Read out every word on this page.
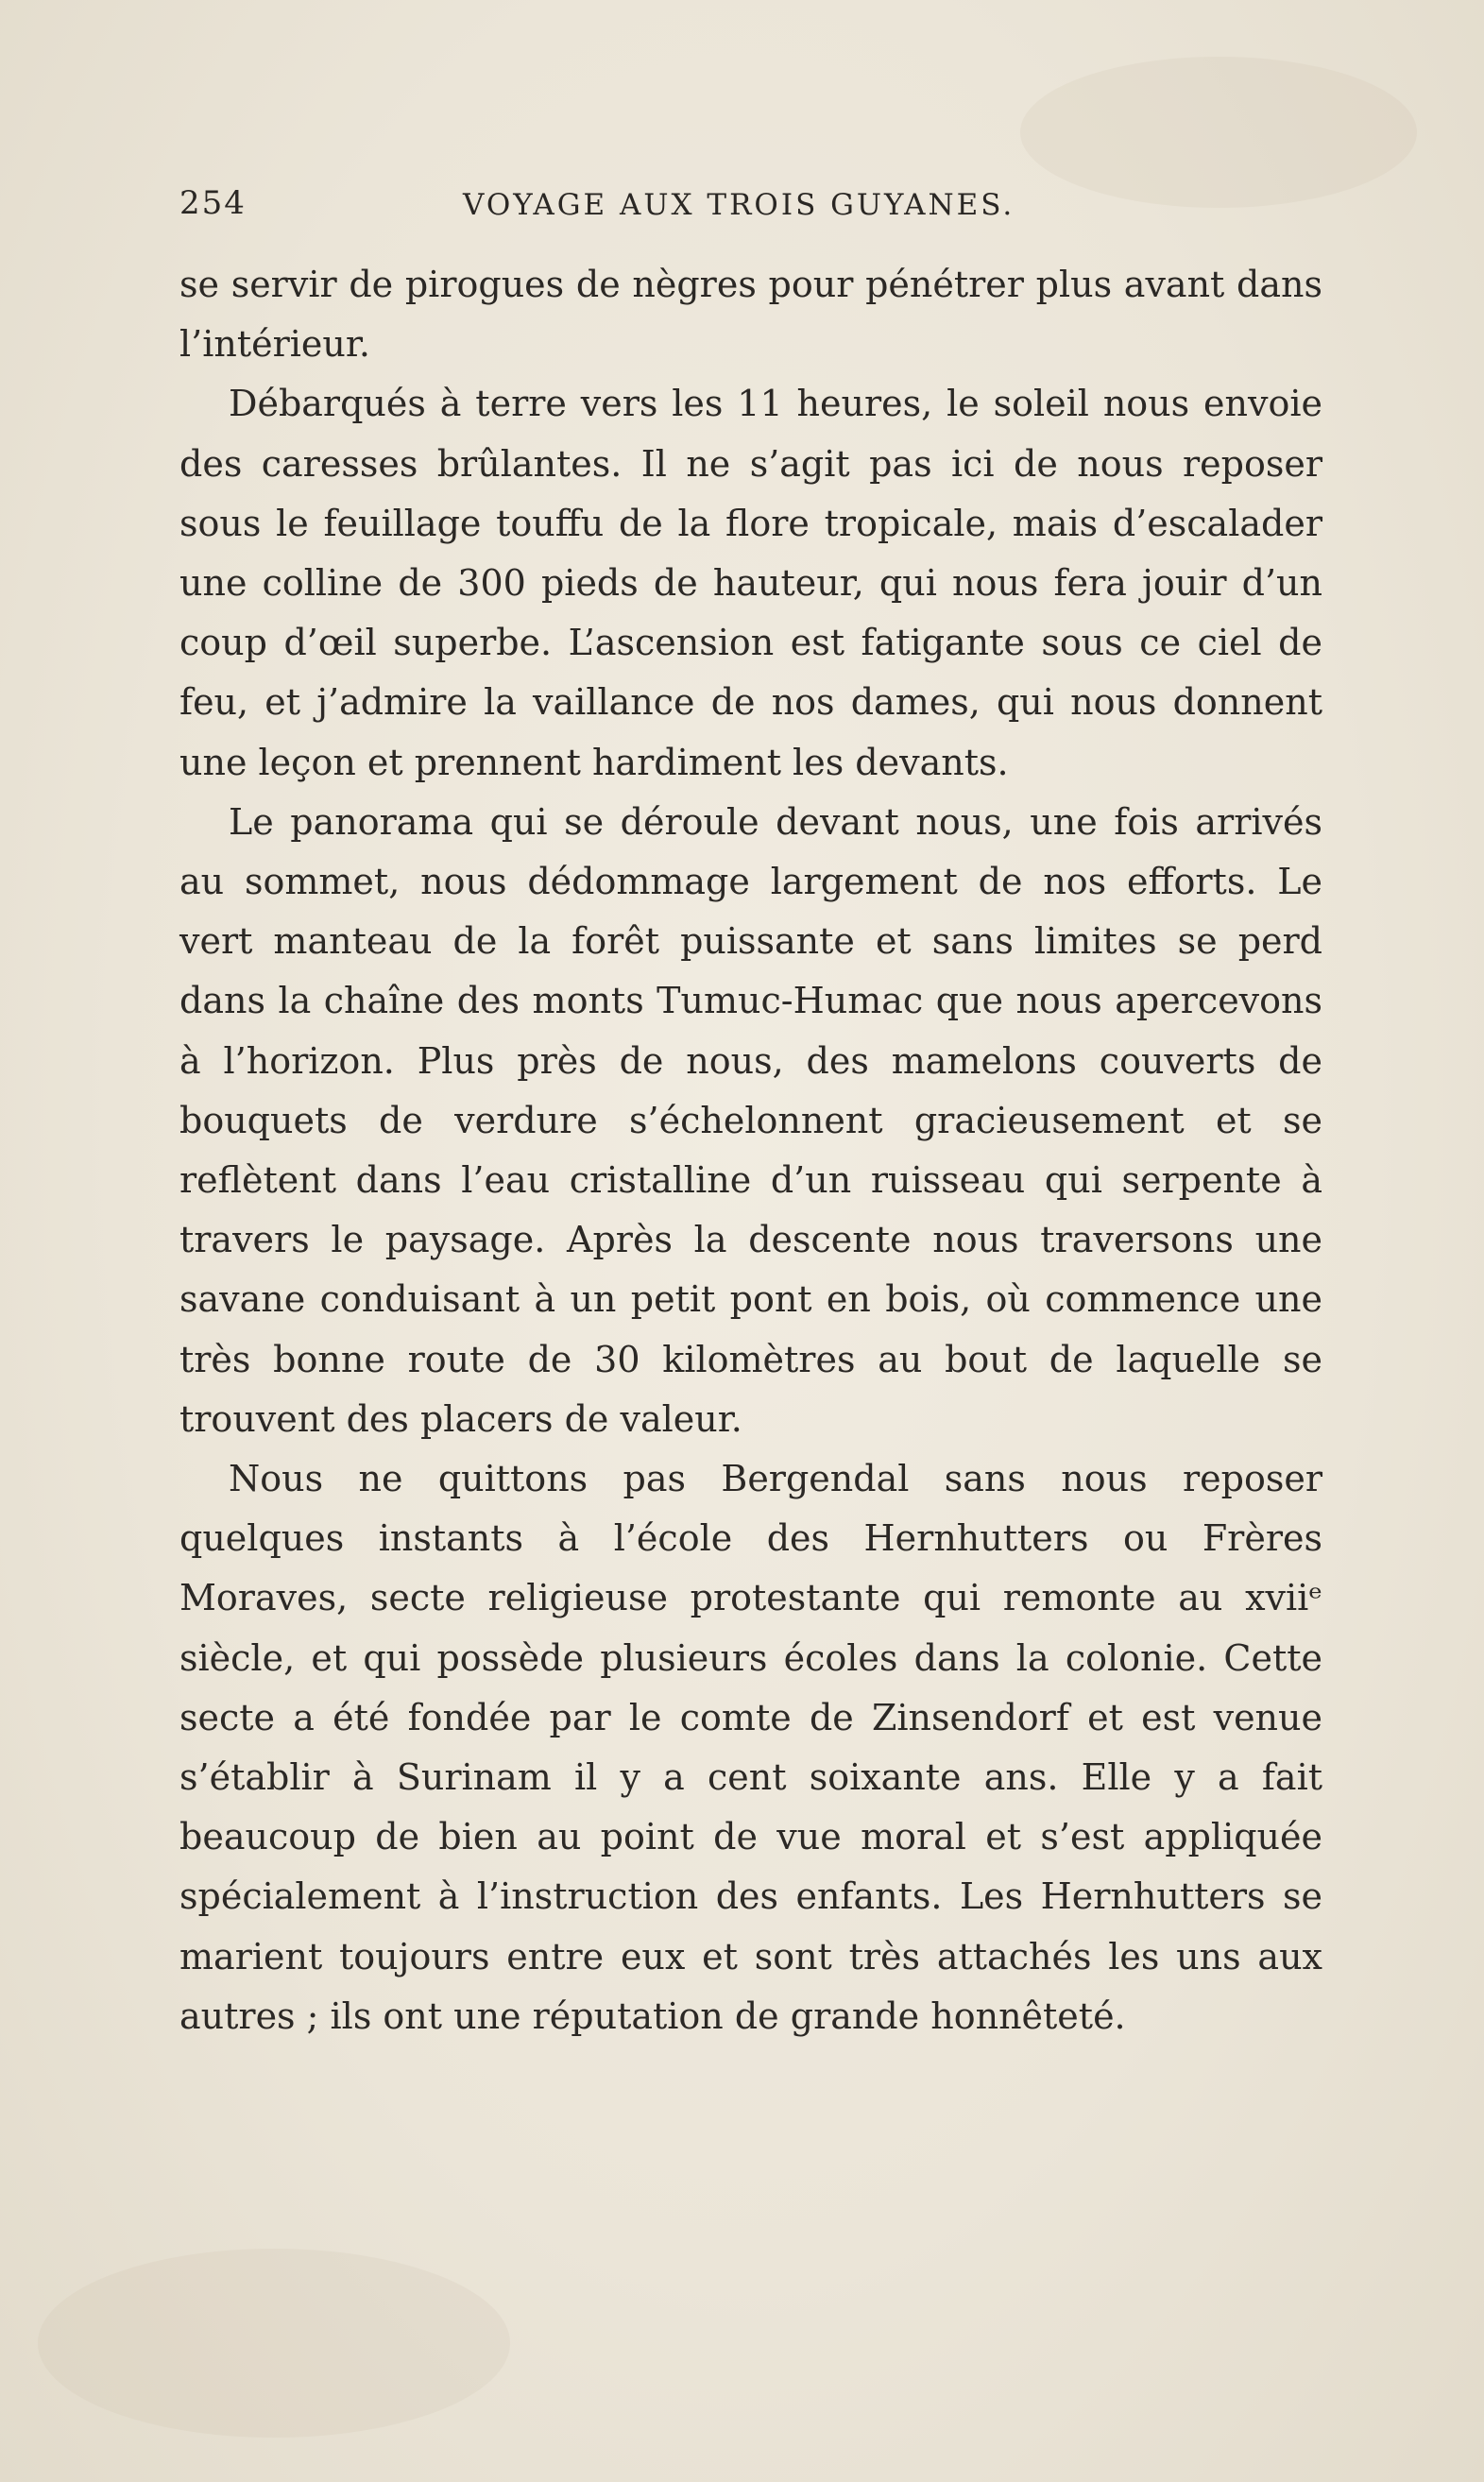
254	VOYAGE AUX TROIS GUYANES.

se servir de pirogues de nègres pour pénétrer plus avant dans l’intérieur.

Débarqués à terre vers les 11 heures, le soleil nous envoie des caresses brûlantes. Il ne s’agit pas ici de nous reposer sous le feuillage touffu de la flore tropicale, mais d’escalader une colline de 300 pieds de hauteur, qui nous fera jouir d’un coup d’œil superbe. L’ascension est fatigante sous ce ciel de feu, et j’admire la vaillance de nos dames, qui nous donnent une leçon et prennent hardiment les devants.

Le panorama qui se déroule devant nous, une fois arrivés au sommet, nous dédommage largement de nos efforts. Le vert manteau de la forêt puissante et sans limites se perd dans la chaîne des monts Tumuc-Humac que nous apercevons à l’horizon. Plus près de nous, des mamelons couverts de bouquets de verdure s’échelonnent gracieusement et se reflètent dans l’eau cristalline d’un ruisseau qui serpente à travers le paysage. Après la descente nous traversons une savane conduisant à un petit pont en bois, où commence une très bonne route de 30 kilomètres au bout de laquelle se trouvent des placers de valeur.

Nous ne quittons pas Bergendal sans nous reposer quelques instants à l’école des Hernhutters ou Frères Moraves, secte religieuse protestante qui remonte au xviiᵉ siècle, et qui possède plusieurs écoles dans la colonie. Cette secte a été fondée par le comte de Zinsendorf et est venue s’établir à Surinam il y a cent soixante ans. Elle y a fait beaucoup de bien au point de vue moral et s’est appliquée spécialement à l’instruction des enfants. Les Hernhutters se marient toujours entre eux et sont très attachés les uns aux autres ; ils ont une réputation de grande honnêteté.
